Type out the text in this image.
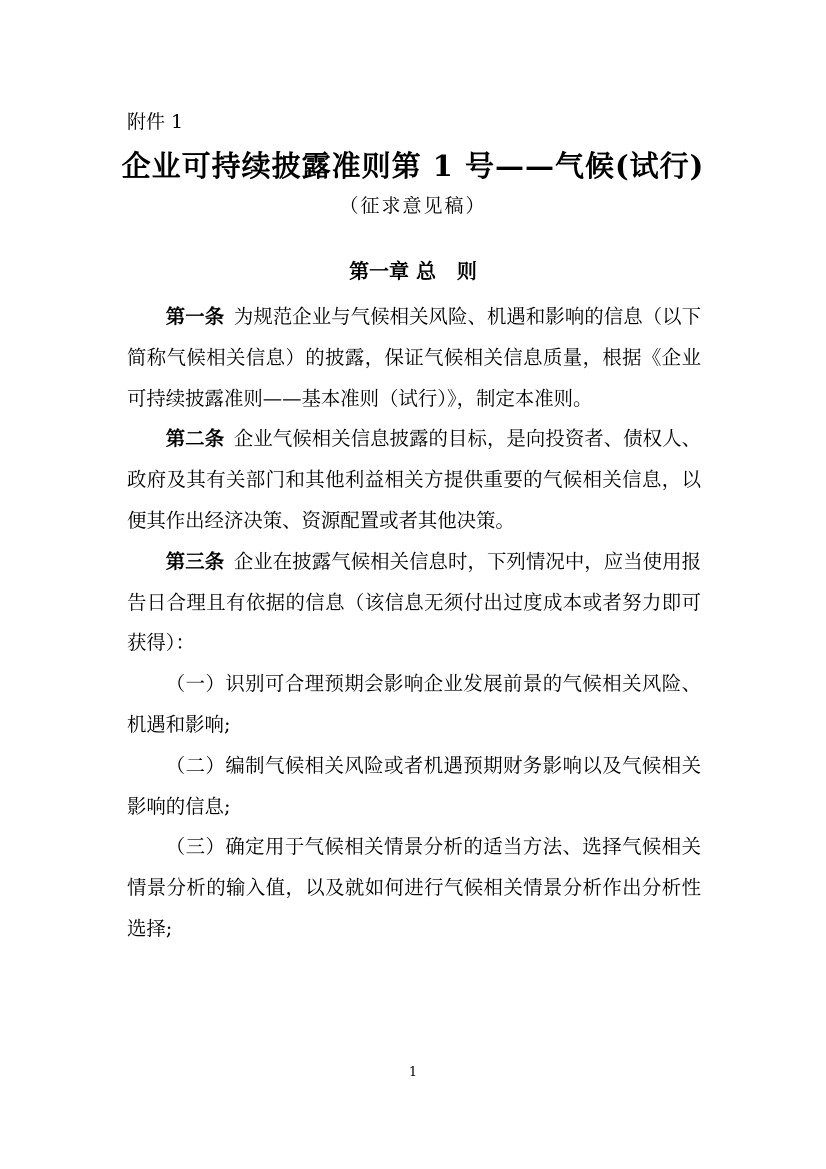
附件 1
企业可持续披露准则第 1 号——气候(试行)
（征求意见稿）
第一章 总 则

第一条 为规范企业与气候相关风险、机遇和影响的信息（以下简称气候相关信息）的披露，保证气候相关信息质量，根据《企业可持续披露准则——基本准则（试行）》，制定本准则。

第二条 企业气候相关信息披露的目标，是向投资者、债权人、政府及其有关部门和其他利益相关方提供重要的气候相关信息，以便其作出经济决策、资源配置或者其他决策。

第三条 企业在披露气候相关信息时，下列情况中，应当使用报告日合理且有依据的信息（该信息无须付出过度成本或者努力即可获得）：

（一）识别可合理预期会影响企业发展前景的气候相关风险、机遇和影响;

（二）编制气候相关风险或者机遇预期财务影响以及气候相关影响的信息;

（三）确定用于气候相关情景分析的适当方法、选择气候相关情景分析的输入值，以及就如何进行气候相关情景分析作出分析性选择;

1
